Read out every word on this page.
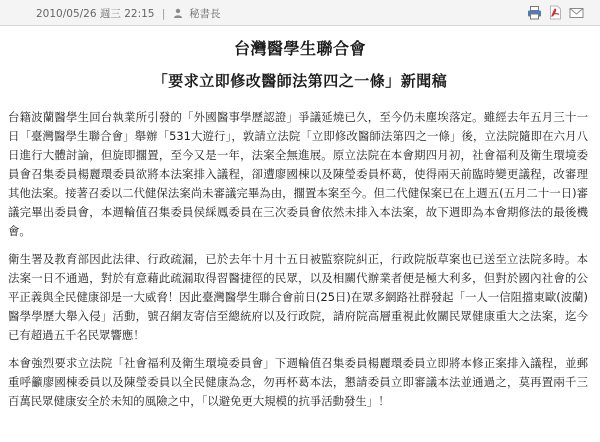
2010/05/26 週三 22:15 | 秘書長
台灣醫學生聯合會
「要求立即修改醫師法第四之一條」新聞稿

台籍波蘭醫學生回台執業所引發的「外國醫事學歷認證」爭議延燒已久，至今仍未塵埃落定。雖經去年五月三十一日「臺灣醫學生聯合會」舉辦「531大遊行」，敦請立法院「立即修改醫師法第四之一條」後，立法院隨即在六月八日進行大體討論，但旋即擱置，至今又是一年，法案全無進展。原立法院在本會期四月初，社會福利及衛生環境委員會召集委員楊麗環委員欲將本法案排入議程，卻遭廖國棟以及陳瑩委員杯葛，使得兩天前臨時變更議程，改審理其他法案。接著召委以二代健保法案尚未審議完畢為由，擱置本案至今。但二代健保案已在上週五(五月二十一日)審議完畢出委員會，本週輪值召集委員侯綵鳳委員在三次委員會依然未排入本法案，故下週即為本會期修法的最後機會。

衛生署及教育部因此法律、行政疏漏，已於去年十月十五日被監察院糾正，行政院版草案也已送至立法院多時。本法案一日不通過，對於有意藉此疏漏取得習醫捷徑的民眾，以及相關代辦業者便是極大利多，但對於國內社會的公平正義與全民健康卻是一大威脅！因此臺灣醫學生聯合會前日(25日)在眾多網路社群發起「一人一信阻擋東歐(波蘭)醫學學歷大舉入侵」活動，號召網友寄信至總統府以及行政院，請府院高層重視此攸關民眾健康重大之法案，迄今已有超過五千名民眾響應！

本會強烈要求立法院「社會福利及衛生環境委員會」下週輪值召集委員楊麗環委員立即將本修正案排入議程，並郵重呼籲廖國棟委員以及陳瑩委員以全民健康為念，勿再杯葛本法，懇請委員立即審議本法並通過之，莫再置兩千三百萬民眾健康安全於未知的風險之中，「以避免更大規模的抗爭活動發生」！
